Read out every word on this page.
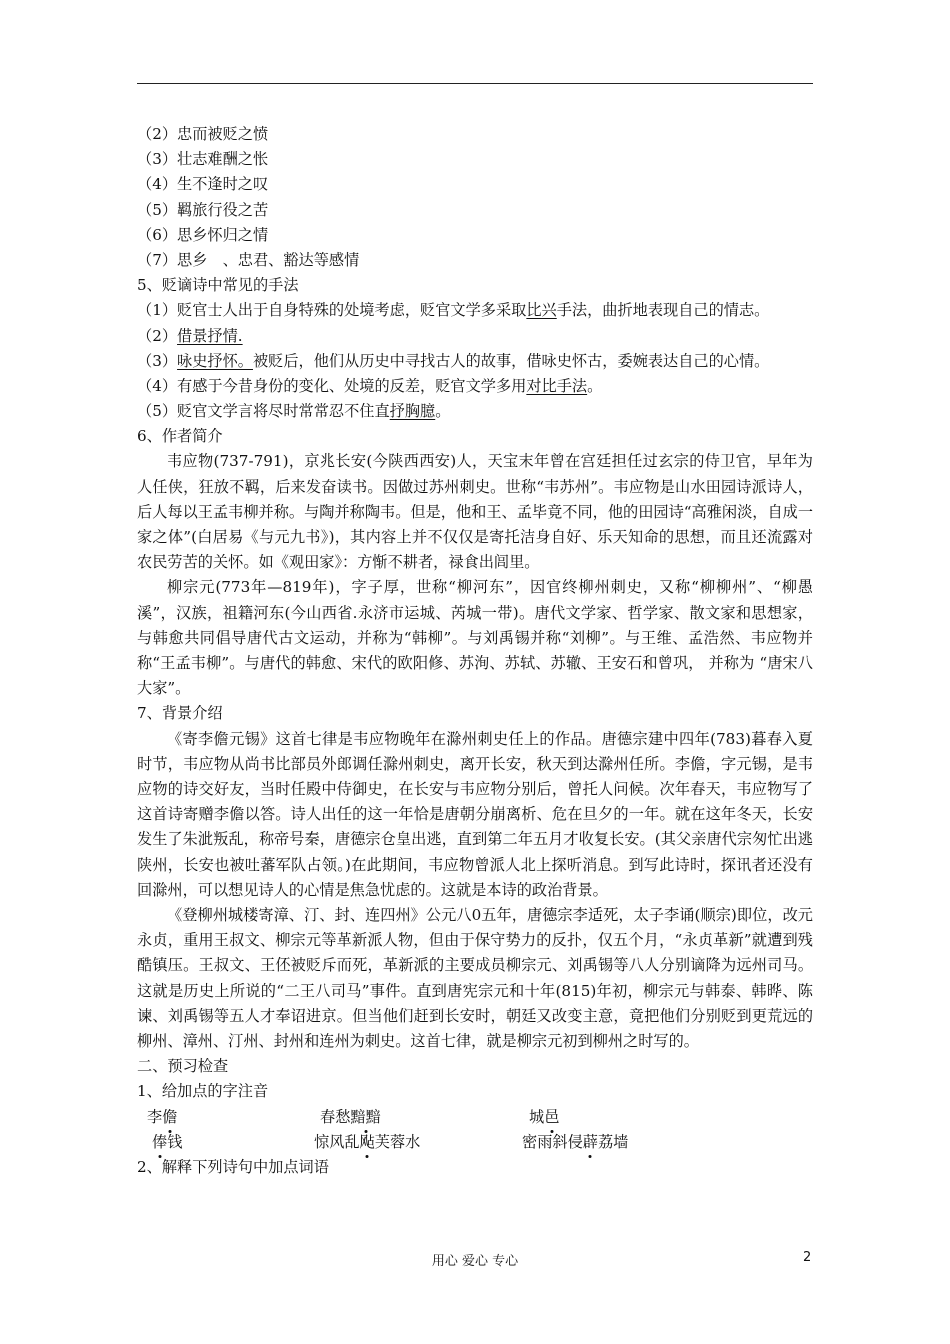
（2）忠而被贬之愤
（3）壮志难酬之怅
（4）生不逢时之叹
（5）羁旅行役之苦
（6）思乡怀归之情
（7）思乡　、忠君、豁达等感情
5、贬谪诗中常见的手法
（1）贬官士人出于自身特殊的处境考虑，贬官文学多采取比兴手法，曲折地表现自己的情志。
（2）借景抒情.
（3）咏史抒怀。被贬后，他们从历史中寻找古人的故事，借咏史怀古，委婉表达自己的心情。
（4）有感于今昔身份的变化、处境的反差，贬官文学多用对比手法。
（5）贬官文学言将尽时常常忍不住直抒胸臆。
6、作者简介
韦应物(737-791)，京兆长安(今陕西西安)人，天宝末年曾在宫廷担任过玄宗的侍卫官，早年为人任侠，狂放不羁，后来发奋读书。因做过苏州刺史。世称“韦苏州”。韦应物是山水田园诗派诗人，后人每以王孟韦柳并称。与陶并称陶韦。但是，他和王、孟毕竟不同，他的田园诗“高雅闲淡，自成一家之体”(白居易《与元九书》)，其内容上并不仅仅是寄托洁身自好、乐天知命的思想，而且还流露对农民劳苦的关怀。如《观田家》：方惭不耕者，禄食出闾里。
柳宗元(773年—819年)，字子厚，世称“柳河东”，因官终柳州刺史，又称“柳柳州”、“柳愚溪”，汉族，祖籍河东(今山西省.永济市运城、芮城一带)。唐代文学家、哲学家、散文家和思想家，与韩愈共同倡导唐代古文运动，并称为“韩柳”。与刘禹锡并称“刘柳”。与王维、孟浩然、韦应物并称“王孟韦柳”。与唐代的韩愈、宋代的欧阳修、苏洵、苏轼、苏辙、王安石和曾巩， 并称为 “唐宋八大家”。
7、背景介绍
《寄李儋元锡》这首七律是韦应物晚年在滁州刺史任上的作品。唐德宗建中四年(783)暮春入夏时节，韦应物从尚书比部员外郎调任滁州刺史，离开长安，秋天到达滁州任所。李儋，字元锡，是韦应物的诗交好友，当时任殿中侍御史，在长安与韦应物分别后，曾托人问候。次年春天，韦应物写了这首诗寄赠李儋以答。诗人出任的这一年恰是唐朝分崩离析、危在旦夕的一年。就在这年冬天，长安发生了朱泚叛乱，称帝号秦，唐德宗仓皇出逃，直到第二年五月才收复长安。(其父亲唐代宗匆忙出逃陕州，长安也被吐蕃军队占领。)在此期间，韦应物曾派人北上探听消息。到写此诗时，探讯者还没有回滁州，可以想见诗人的心情是焦急忧虑的。这就是本诗的政治背景。
《登柳州城楼寄漳、汀、封、连四州》公元八0五年，唐德宗李适死，太子李诵(顺宗)即位，改元永贞，重用王叔文、柳宗元等革新派人物，但由于保守势力的反扑，仅五个月，“永贞革新”就遭到残酷镇压。王叔文、王伾被贬斥而死，革新派的主要成员柳宗元、刘禹锡等八人分别谪降为远州司马。这就是历史上所说的“二王八司马”事件。直到唐宪宗元和十年(815)年初，柳宗元与韩泰、韩晔、陈谏、刘禹锡等五人才奉诏进京。但当他们赶到长安时，朝廷又改变主意，竟把他们分别贬到更荒远的柳州、漳州、汀州、封州和连州为刺史。这首七律，就是柳宗元初到柳州之时写的。
二、预习检查
1、给加点的字注音
李儋	春愁黯黯	城邑
俸钱	惊风乱飐芙蓉水	密雨斜侵薜荔墙
2、解释下列诗句中加点词语
用心 爱心 专心	2
